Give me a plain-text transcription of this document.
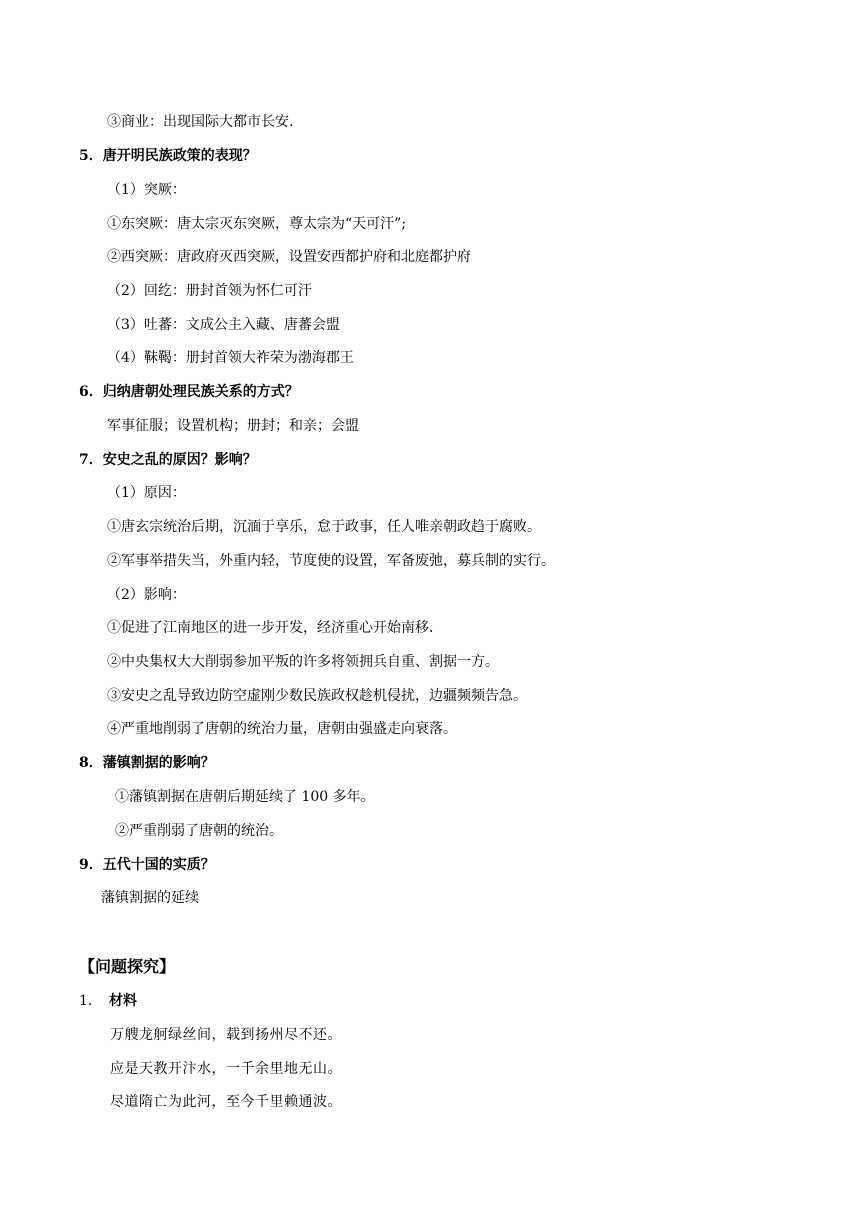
③商业：出现国际大都市长安.
5．唐开明民族政策的表现？
（1）突厥：
①东突厥：唐太宗灭东突厥，尊太宗为“天可汗”;
②西突厥：唐政府灭西突厥，设置安西都护府和北庭都护府
（2）回纥：册封首领为怀仁可汗
（3）吐蕃：文成公主入藏、唐蕃会盟
（4）靺鞨：册封首领大祚荣为渤海郡王
6．归纳唐朝处理民族关系的方式？
军事征服；设置机构；册封；和亲；会盟
7．安史之乱的原因？影响？
（1）原因：
①唐玄宗统治后期，沉湎于享乐，怠于政事，任人唯亲朝政趋于腐败。
②军事举措失当，外重内轻，节度使的设置，军备废弛，募兵制的实行。
（2）影响：
①促进了江南地区的进一步开发，经济重心开始南移.
②中央集权大大削弱参加平叛的许多将领拥兵自重、割据一方。
③安史之乱导致边防空虚刚少数民族政权趁机侵扰，边疆频频告急。
④严重地削弱了唐朝的统治力量，唐朝由强盛走向衰落。
8．藩镇割据的影响？
①藩镇割据在唐朝后期延续了 100 多年。
②严重削弱了唐朝的统治。
9．五代十国的实质？
藩镇割据的延续
【问题探究】
1. 材料
万艘龙舸绿丝间，载到扬州尽不还。
应是天教开汴水，一千余里地无山。
尽道隋亡为此河，至今千里赖通波。
